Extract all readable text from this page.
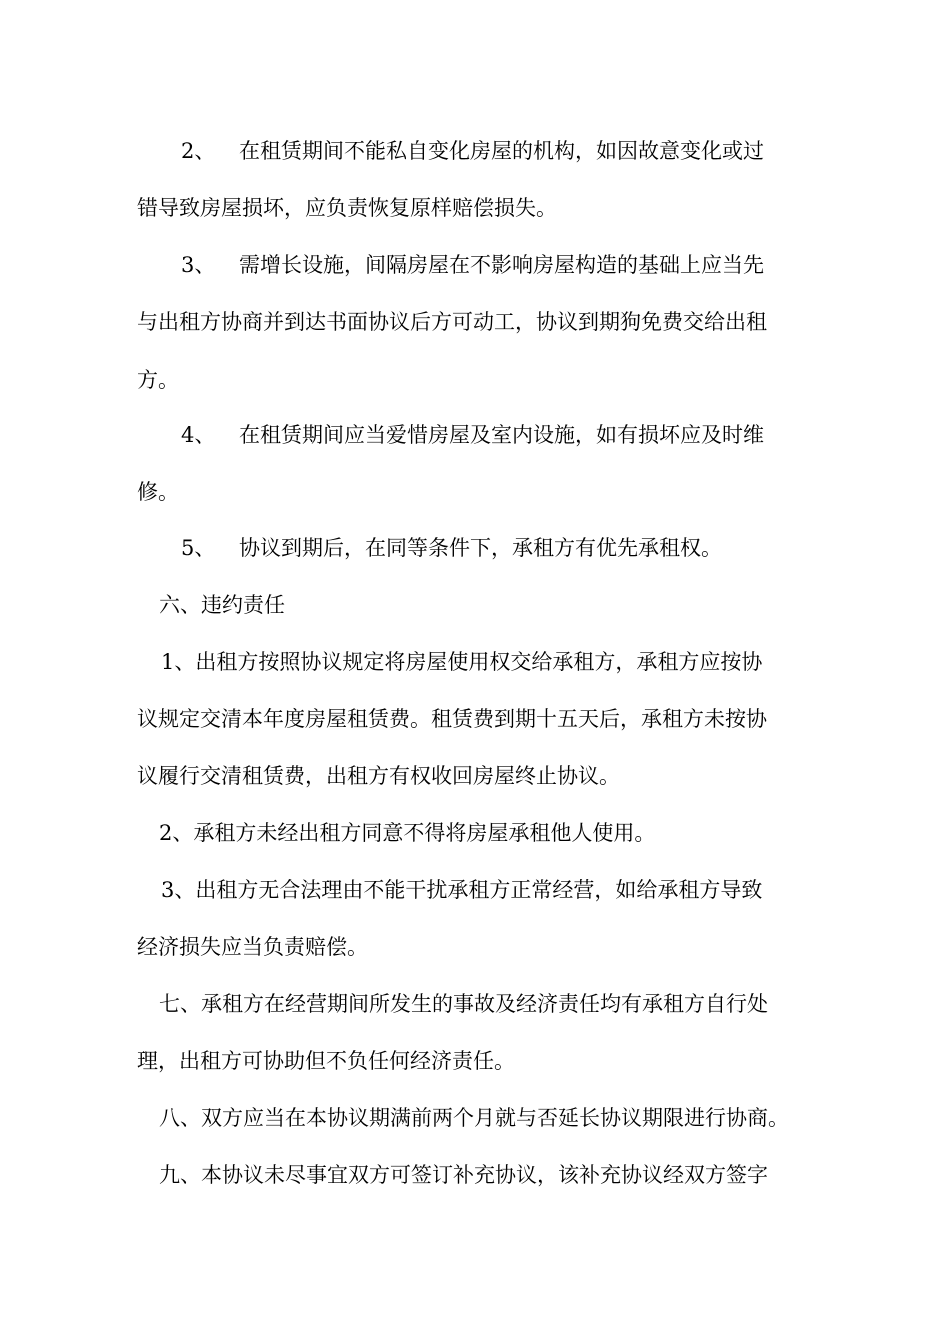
2、 在租赁期间不能私自变化房屋的机构，如因故意变化或过
错导致房屋损坏，应负责恢复原样赔偿损失。
3、 需增长设施，间隔房屋在不影响房屋构造的基础上应当先
与出租方协商并到达书面协议后方可动工，协议到期狗免费交给出租
方。
4、 在租赁期间应当爱惜房屋及室内设施，如有损坏应及时维
修。
5、 协议到期后，在同等条件下，承租方有优先承租权。
六、违约责任
1、出租方按照协议规定将房屋使用权交给承租方，承租方应按协
议规定交清本年度房屋租赁费。租赁费到期十五天后，承租方未按协
议履行交清租赁费，出租方有权收回房屋终止协议。
2、承租方未经出租方同意不得将房屋承租他人使用。
3、出租方无合法理由不能干扰承租方正常经营，如给承租方导致
经济损失应当负责赔偿。
七、承租方在经营期间所发生的事故及经济责任均有承租方自行处
理，出租方可协助但不负任何经济责任。
八、双方应当在本协议期满前两个月就与否延长协议期限进行协商。
九、本协议未尽事宜双方可签订补充协议，该补充协议经双方签字
